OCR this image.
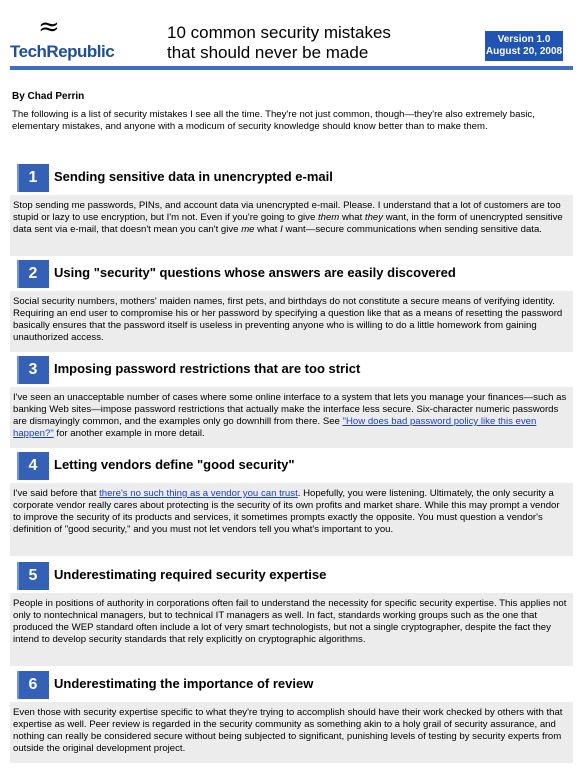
≈
TechRepublic
10 common security mistakes
that should never be made
Version 1.0
August 20, 2008
By Chad Perrin
The following is a list of security mistakes I see all the time. They're not just common, though—they're also extremely basic, elementary mistakes, and anyone with a modicum of security knowledge should know better than to make them.
1	Sending sensitive data in unencrypted e-mail
Stop sending me passwords, PINs, and account data via unencrypted e-mail. Please. I understand that a lot of customers are too stupid or lazy to use encryption, but I'm not. Even if you're going to give them what they want, in the form of unencrypted sensitive data sent via e-mail, that doesn't mean you can't give me what I want—secure communications when sending sensitive data.
2	Using "security" questions whose answers are easily discovered
Social security numbers, mothers' maiden names, first pets, and birthdays do not constitute a secure means of verifying identity. Requiring an end user to compromise his or her password by specifying a question like that as a means of resetting the password basically ensures that the password itself is useless in preventing anyone who is willing to do a little homework from gaining unauthorized access.
3	Imposing password restrictions that are too strict
I've seen an unacceptable number of cases where some online interface to a system that lets you manage your finances—such as banking Web sites—impose password restrictions that actually make the interface less secure. Six-character numeric passwords are dismayingly common, and the examples only go downhill from there. See "How does bad password policy like this even happen?" for another example in more detail.
4	Letting vendors define "good security"
I've said before that there's no such thing as a vendor you can trust. Hopefully, you were listening. Ultimately, the only security a corporate vendor really cares about protecting is the security of its own profits and market share. While this may prompt a vendor to improve the security of its products and services, it sometimes prompts exactly the opposite. You must question a vendor's definition of "good security," and you must not let vendors tell you what's important to you.
5	Underestimating required security expertise
People in positions of authority in corporations often fail to understand the necessity for specific security expertise. This applies not only to nontechnical managers, but to technical IT managers as well. In fact, standards working groups such as the one that produced the WEP standard often include a lot of very smart technologists, but not a single cryptographer, despite the fact they intend to develop security standards that rely explicitly on cryptographic algorithms.
6	Underestimating the importance of review
Even those with security expertise specific to what they're trying to accomplish should have their work checked by others with that expertise as well. Peer review is regarded in the security community as something akin to a holy grail of security assurance, and nothing can really be considered secure without being subjected to significant, punishing levels of testing by security experts from outside the original development project.
